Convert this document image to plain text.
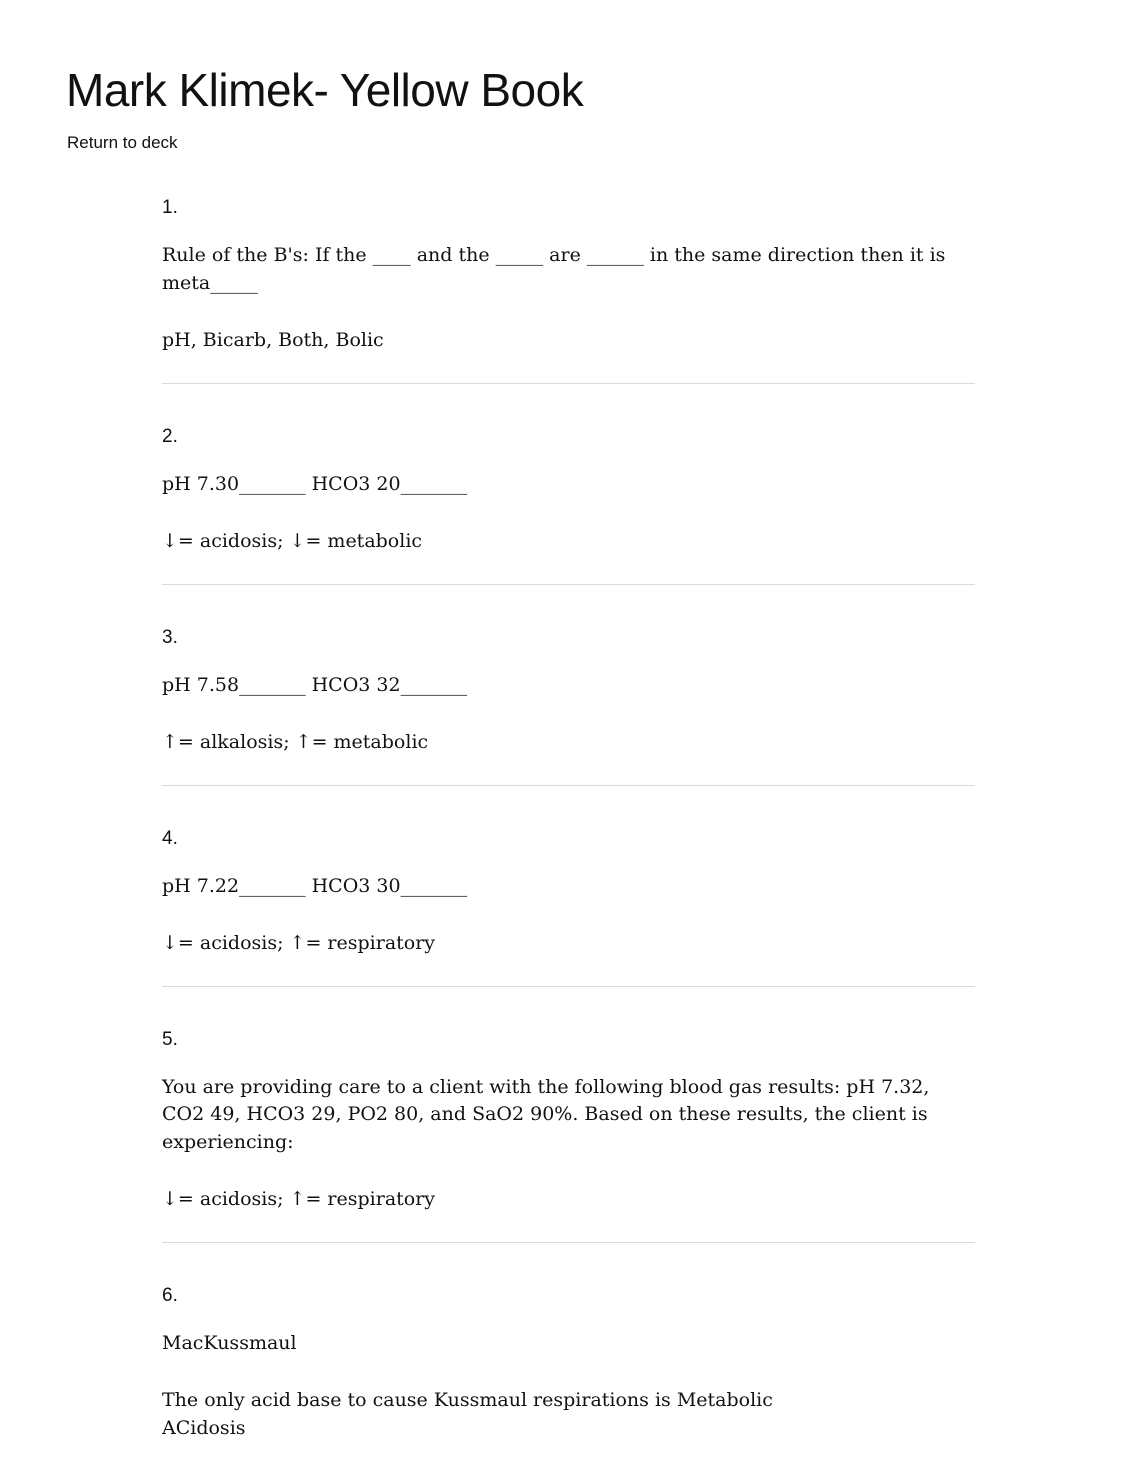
Mark Klimek- Yellow Book
Return to deck
1.
Rule of the B's: If the ____ and the _____ are ______ in the same direction then it is meta_____
pH, Bicarb, Both, Bolic
2.
pH 7.30_______ HCO3 20_______
↓= acidosis; ↓= metabolic
3.
pH 7.58_______ HCO3 32_______
↑= alkalosis; ↑= metabolic
4.
pH 7.22_______ HCO3 30_______
↓= acidosis; ↑= respiratory
5.
You are providing care to a client with the following blood gas results: pH 7.32, CO2 49, HCO3 29, PO2 80, and SaO2 90%. Based on these results, the client is experiencing:
↓= acidosis; ↑= respiratory
6.
MacKussmaul
The only acid base to cause Kussmaul respirations is Metabolic
ACidosis
